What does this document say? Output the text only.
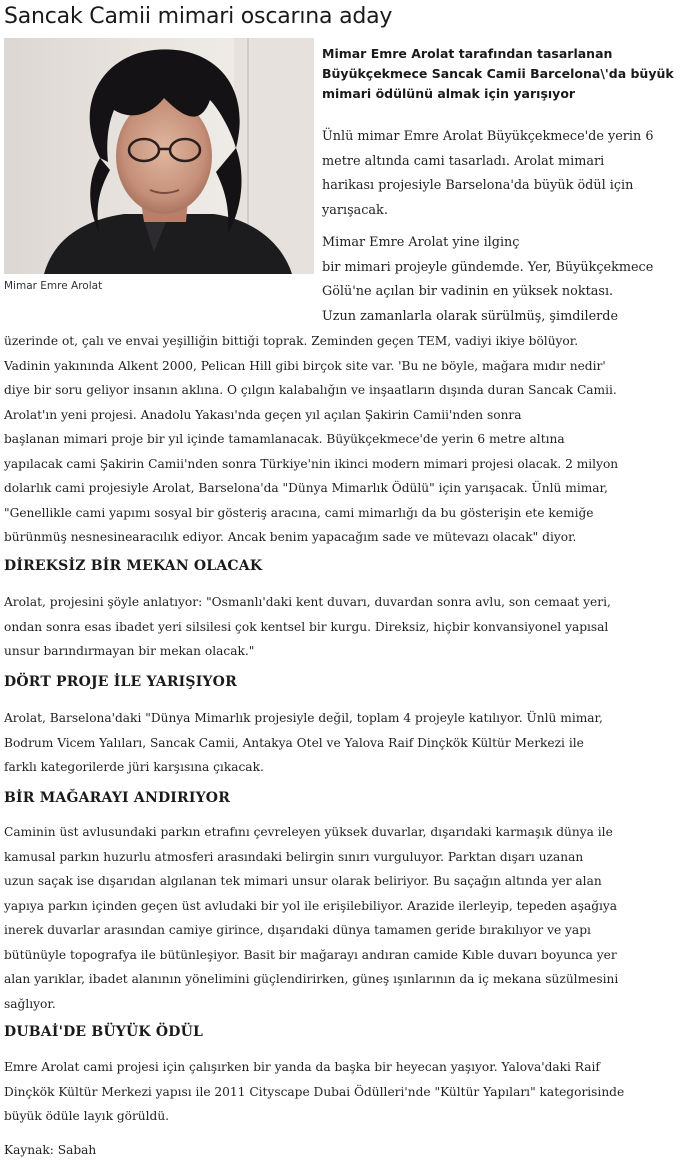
Sancak Camii mimari oscarına aday
Mimar Emre Arolat

Mimar Emre Arolat tarafından tasarlanan
Büyükçekmece Sancak Camii Barcelona\'da büyük
mimari ödülünü almak için yarışıyor

Ünlü mimar Emre Arolat Büyükçekmece'de yerin 6
metre altında cami tasarladı. Arolat mimari
harikası projesiyle Barselona'da büyük ödül için
yarışacak.

Mimar Emre Arolat yine ilginç
bir mimari projeyle gündemde. Yer, Büyükçekmece
Gölü'ne açılan bir vadinin en yüksek noktası.
Uzun zamanlarla olarak sürülmüş, şimdilerde

üzerinde ot, çalı ve envai yeşilliğin bittiği toprak. Zeminden geçen TEM, vadiyi ikiye bölüyor.
Vadinin yakınında Alkent 2000, Pelican Hill gibi birçok site var. 'Bu ne böyle, mağara mıdır nedir'
diye bir soru geliyor insanın aklına. O çılgın kalabalığın ve inşaatların dışında duran Sancak Camii.
Arolat'ın yeni projesi. Anadolu Yakası'nda geçen yıl açılan Şakirin Camii'nden sonra
başlanan mimari proje bir yıl içinde tamamlanacak. Büyükçekmece'de yerin 6 metre altına
yapılacak cami Şakirin Camii'nden sonra Türkiye'nin ikinci modern mimari projesi olacak. 2 milyon
dolarlık cami projesiyle Arolat, Barselona'da "Dünya Mimarlık Ödülü" için yarışacak. Ünlü mimar,
"Genellikle cami yapımı sosyal bir gösteriş aracına, cami mimarlığı da bu gösterişin ete kemiğe
bürünmüş nesnesinearacılık ediyor. Ancak benim yapacağım sade ve mütevazı olacak" diyor.

DİREKSİZ BİR MEKAN OLACAK

Arolat, projesini şöyle anlatıyor: "Osmanlı'daki kent duvarı, duvardan sonra avlu, son cemaat yeri,
ondan sonra esas ibadet yeri silsilesi çok kentsel bir kurgu. Direksiz, hiçbir konvansiyonel yapısal
unsur barındırmayan bir mekan olacak."

DÖRT PROJE İLE YARIŞIYOR

Arolat, Barselona'daki "Dünya Mimarlık projesiyle değil, toplam 4 projeyle katılıyor. Ünlü mimar,
Bodrum Vicem Yalıları, Sancak Camii, Antakya Otel ve Yalova Raif Dinçkök Kültür Merkezi ile
farklı kategorilerde jüri karşısına çıkacak.

BİR MAĞARAYI ANDIRIYOR

Caminin üst avlusundaki parkın etrafını çevreleyen yüksek duvarlar, dışarıdaki karmaşık dünya ile
kamusal parkın huzurlu atmosferi arasındaki belirgin sınırı vurguluyor. Parktan dışarı uzanan
uzun saçak ise dışarıdan algılanan tek mimari unsur olarak beliriyor. Bu saçağın altında yer alan
yapıya parkın içinden geçen üst avludaki bir yol ile erişilebiliyor. Arazide ilerleyip, tepeden aşağıya
inerek duvarlar arasından camiye girince, dışarıdaki dünya tamamen geride bırakılıyor ve yapı
bütünüyle topografya ile bütünleşiyor. Basit bir mağarayı andıran camide Kıble duvarı boyunca yer
alan yarıklar, ibadet alanının yönelimini güçlendirirken, güneş ışınlarının da iç mekana süzülmesini
sağlıyor.

DUBAİ'DE BÜYÜK ÖDÜL

Emre Arolat cami projesi için çalışırken bir yanda da başka bir heyecan yaşıyor. Yalova'daki Raif
Dinçkök Kültür Merkezi yapısı ile 2011 Cityscape Dubai Ödülleri'nde "Kültür Yapıları" kategorisinde
büyük ödüle layık görüldü.

Kaynak: Sabah
